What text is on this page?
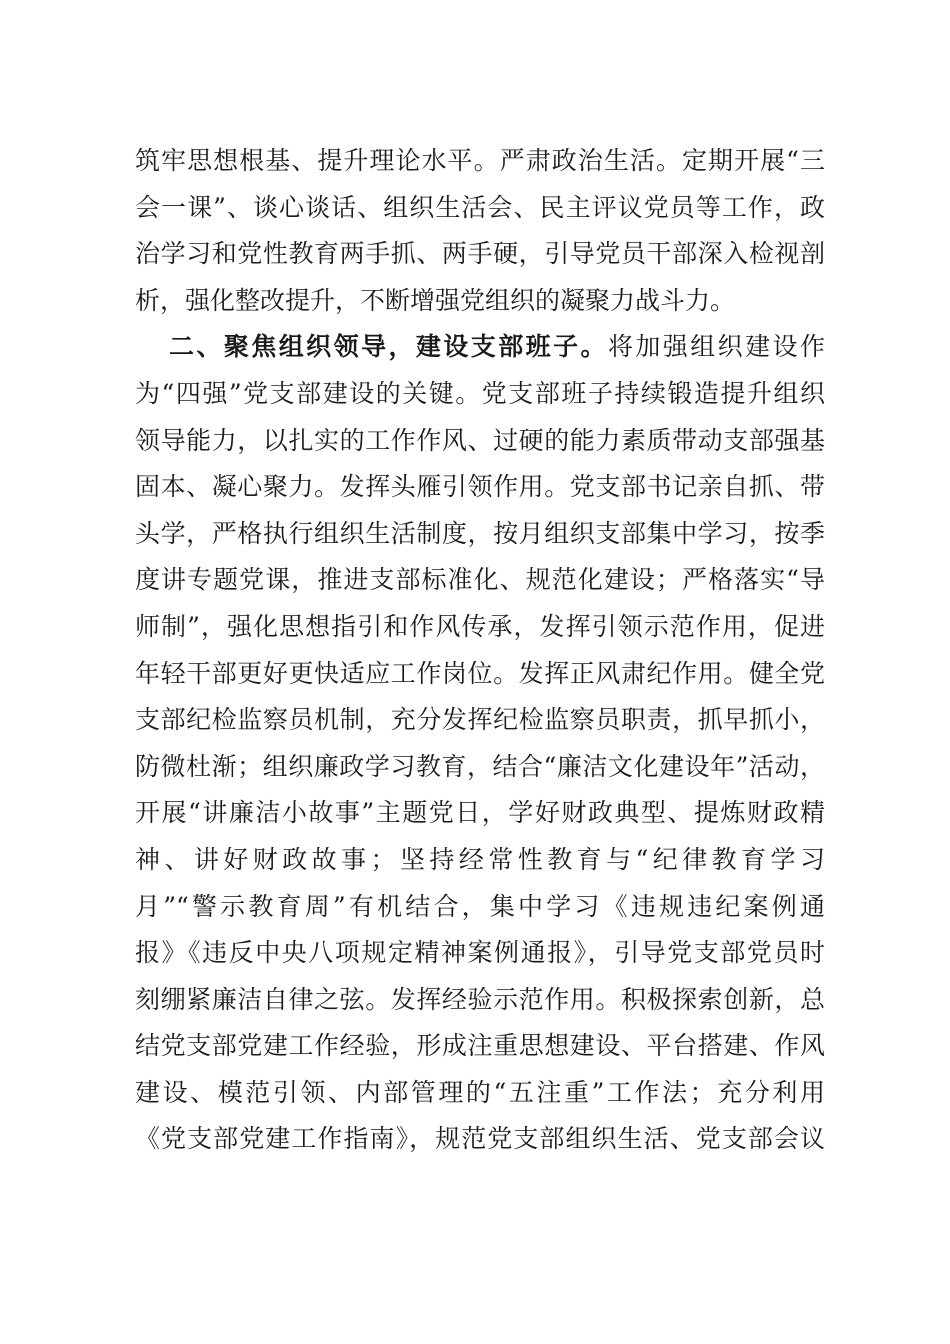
筑牢思想根基、提升理论水平。严肃政治生活。定期开展“三
会一课”、谈心谈话、组织生活会、民主评议党员等工作，政
治学习和党性教育两手抓、两手硬，引导党员干部深入检视剖
析，强化整改提升，不断增强党组织的凝聚力战斗力。
二、聚焦组织领导，建设支部班子。将加强组织建设作
为“四强”党支部建设的关键。党支部班子持续锻造提升组织
领导能力，以扎实的工作作风、过硬的能力素质带动支部强基
固本、凝心聚力。发挥头雁引领作用。党支部书记亲自抓、带
头学，严格执行组织生活制度，按月组织支部集中学习，按季
度讲专题党课，推进支部标准化、规范化建设；严格落实“导
师制”，强化思想指引和作风传承，发挥引领示范作用，促进
年轻干部更好更快适应工作岗位。发挥正风肃纪作用。健全党
支部纪检监察员机制，充分发挥纪检监察员职责，抓早抓小，
防微杜渐；组织廉政学习教育，结合“廉洁文化建设年”活动，
开展“讲廉洁小故事”主题党日，学好财政典型、提炼财政精
神、讲好财政故事；坚持经常性教育与“纪律教育学习
月”“警示教育周”有机结合，集中学习《违规违纪案例通
报》《违反中央八项规定精神案例通报》，引导党支部党员时
刻绷紧廉洁自律之弦。发挥经验示范作用。积极探索创新，总
结党支部党建工作经验，形成注重思想建设、平台搭建、作风
建设、模范引领、内部管理的“五注重”工作法；充分利用
《党支部党建工作指南》，规范党支部组织生活、党支部会议
